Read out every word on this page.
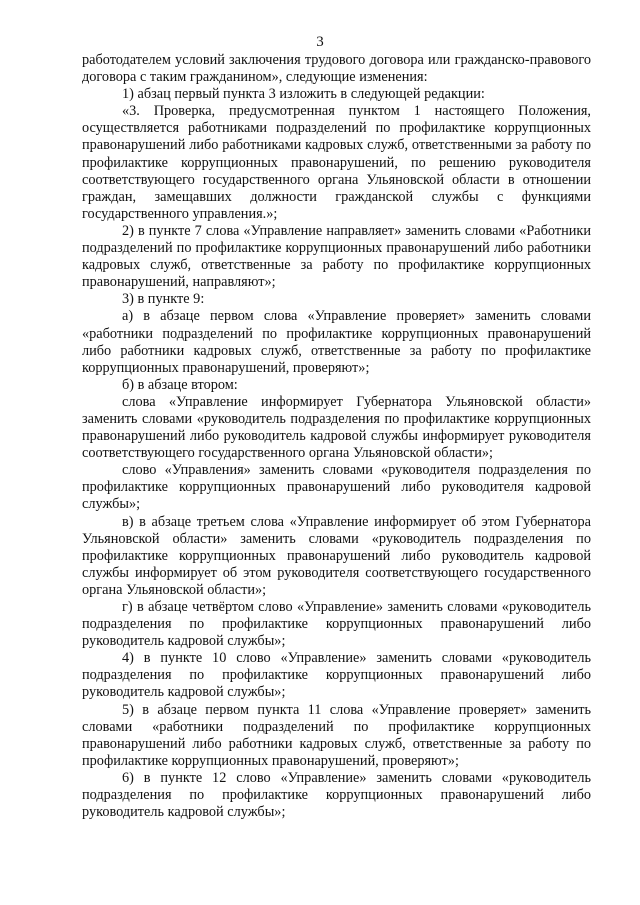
3

работодателем условий заключения трудового договора или гражданско-правового договора с таким гражданином», следующие изменения:

1) абзац первый пункта 3 изложить в следующей редакции:

«3. Проверка, предусмотренная пунктом 1 настоящего Положения, осуществляется работниками подразделений по профилактике коррупционных правонарушений либо работниками кадровых служб, ответственными за работу по профилактике коррупционных правонарушений, по решению руководителя соответствующего государственного органа Ульяновской области в отношении граждан, замещавших должности гражданской службы с функциями государственного управления.»;

2) в пункте 7 слова «Управление направляет» заменить словами «Работники подразделений по профилактике коррупционных правонарушений либо работники кадровых служб, ответственные за работу по профилактике коррупционных правонарушений, направляют»;

3) в пункте 9:

а) в абзаце первом слова «Управление проверяет» заменить словами «работники подразделений по профилактике коррупционных правонарушений либо работники кадровых служб, ответственные за работу по профилактике коррупционных правонарушений, проверяют»;

б) в абзаце втором:

слова «Управление информирует Губернатора Ульяновской области» заменить словами «руководитель подразделения по профилактике коррупционных правонарушений либо руководитель кадровой службы информирует руководителя соответствующего государственного органа Ульяновской области»;

слово «Управления» заменить словами «руководителя подразделения по профилактике коррупционных правонарушений либо руководителя кадровой службы»;

в) в абзаце третьем слова «Управление информирует об этом Губернатора Ульяновской области» заменить словами «руководитель подразделения по профилактике коррупционных правонарушений либо руководитель кадровой службы информирует об этом руководителя соответствующего государственного органа Ульяновской области»;

г) в абзаце четвёртом слово «Управление» заменить словами «руководитель подразделения по профилактике коррупционных правонарушений либо руководитель кадровой службы»;

4) в пункте 10 слово «Управление» заменить словами «руководитель подразделения по профилактике коррупционных правонарушений либо руководитель кадровой службы»;

5) в абзаце первом пункта 11 слова «Управление проверяет» заменить словами «работники подразделений по профилактике коррупционных правонарушений либо работники кадровых служб, ответственные за работу по профилактике коррупционных правонарушений, проверяют»;

6) в пункте 12 слово «Управление» заменить словами «руководитель подразделения по профилактике коррупционных правонарушений либо руководитель кадровой службы»;
